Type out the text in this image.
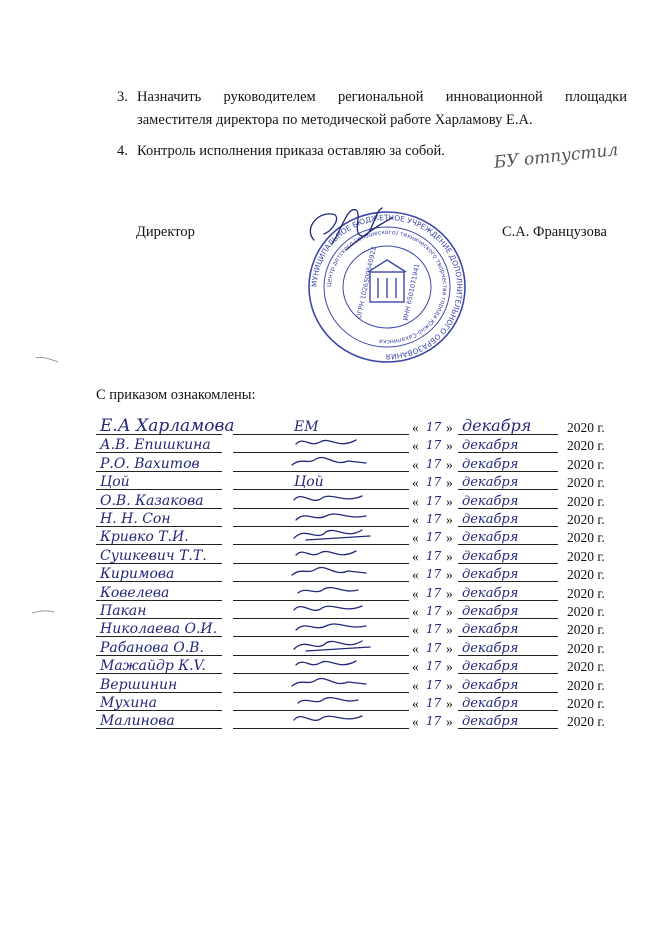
3. Назначить руководителем региональной инновационной площадки
заместителя директора по методической работе Харламову Е.А.
4. Контроль исполнения приказа оставляю за собой.	БУ отпустил
Директор	С.А. Французова
МУНИЦИПАЛЬНОЕ БЮДЖЕТНОЕ УЧРЕЖДЕНИЕ ДОПОЛНИТЕЛЬНОГО ОБРАЗОВАНИЯ
Центр детского (юношеского) технического творчества города Южно-Сахалинска
ОГРН 1026500540922	ИНН 6501071941
С приказом ознакомлены:
Е.А Харламова	ЕМ	« 17 » декабря	2020 г.
А.В. Епишкина	« 17 » декабря	2020 г.
Р.О. Вахитов	« 17 » декабря	2020 г.
Цой	Цой	« 17 » декабря	2020 г.
О.В. Казакова	« 17 » декабря	2020 г.
Н. Н. Сон	« 17 » декабря	2020 г.
Кривко Т.И.	« 17 » декабря	2020 г.
Сушкевич Т.Т.	« 17 » декабря	2020 г.
Киримова	« 17 » декабря	2020 г.
Ковелева	« 17 » декабря	2020 г.
Пакан	« 17 » декабря	2020 г.
Николаева О.И.	« 17 » декабря	2020 г.
Рабанова О.В.	« 17 » декабря	2020 г.
Мажайдр К.V.	« 17 » декабря	2020 г.
Вершинин	« 17 » декабря	2020 г.
Мухина	« 17 » декабря	2020 г.
Малинова	« 17 » декабря	2020 г.
